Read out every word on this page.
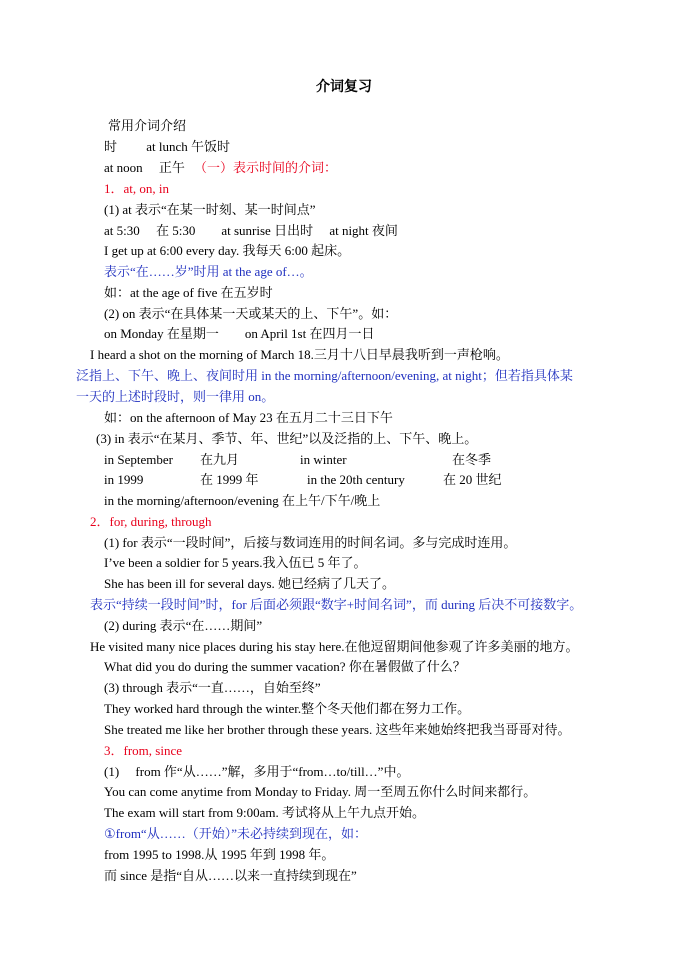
介词复习
常用介词介绍
时　　 at lunch 午饭时
at noon　 正午 （一）表示时间的介词：
1．at, on, in
(1) at 表示“在某一时刻、某一时间点”
at 5:30　 在 5:30　　at sunrise 日出时　 at night 夜间
I get up at 6:00 every day. 我每天 6:00 起床。
表示“在……岁”时用 at the age of…。
如：at the age of five 在五岁时
(2) on 表示“在具体某一天或某天的上、下午”。如：
on Monday 在星期一　　on April 1st 在四月一日
I heard a shot on the morning of March 18.三月十八日早晨我听到一声枪响。
泛指上、下午、晚上、夜间时用 in the morning/afternoon/evening, at night；但若指具体某
一天的上述时段时，则一律用 on。
如：on the afternoon of May 23 在五月二十三日下午
(3) in 表示“在某月、季节、年、世纪”以及泛指的上、下午、晚上。
in September 在九月	in winter	在冬季
in 1999	在 1999 年	in the 20th century	在 20 世纪
in the morning/afternoon/evening 在上午/下午/晚上
2．for, during, through
(1) for 表示“一段时间”，后接与数词连用的时间名词。多与完成时连用。
I’ve been a soldier for 5 years.我入伍已 5 年了。
She has been ill for several days. 她已经病了几天了。
表示“持续一段时间”时，for 后面必须跟“数字+时间名词”，而 during 后决不可接数字。
(2) during 表示“在……期间”
He visited many nice places during his stay here.在他逗留期间他参观了许多美丽的地方。
What did you do during the summer vacation? 你在暑假做了什么？
(3) through 表示“一直……，自始至终”
They worked hard through the winter.整个冬天他们都在努力工作。
She treated me like her brother through these years. 这些年来她始终把我当哥哥对待。
3．from, since
(1)　 from 作“从……”解，多用于“from…to/till…”中。
You can come anytime from Monday to Friday. 周一至周五你什么时间来都行。
The exam will start from 9:00am. 考试将从上午九点开始。
①from“从……（开始）”未必持续到现在，如：
from 1995 to 1998.从 1995 年到 1998 年。
而 since 是指“自从……以来一直持续到现在”
